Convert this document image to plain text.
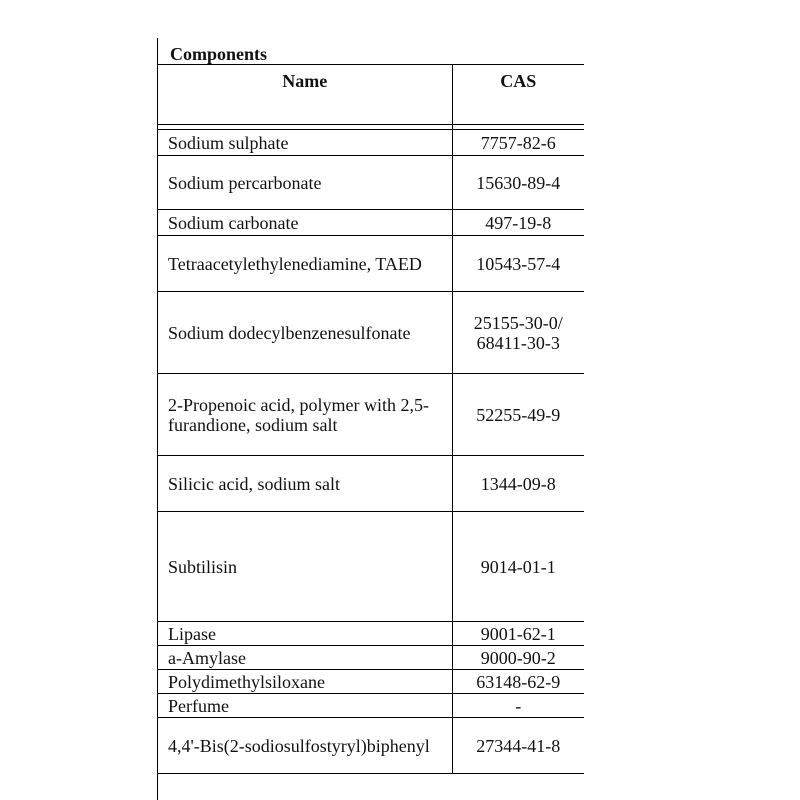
Components
Name	CAS

Sodium sulphate	7757-82-6
Sodium percarbonate	15630-89-4
Sodium carbonate	497-19-8
Tetraacetylethylenediamine, TAED	10543-57-4
Sodium dodecylbenzenesulfonate	25155-30-0/ 68411-30-3
2-Propenoic acid, polymer with 2,5-furandione, sodium salt	52255-49-9
Silicic acid, sodium salt	1344-09-8
Subtilisin	9014-01-1
Lipase	9001-62-1
a-Amylase	9000-90-2
Polydimethylsiloxane	63148-62-9
Perfume	-
4,4'-Bis(2-sodiosulfostyryl)biphenyl	27344-41-8
